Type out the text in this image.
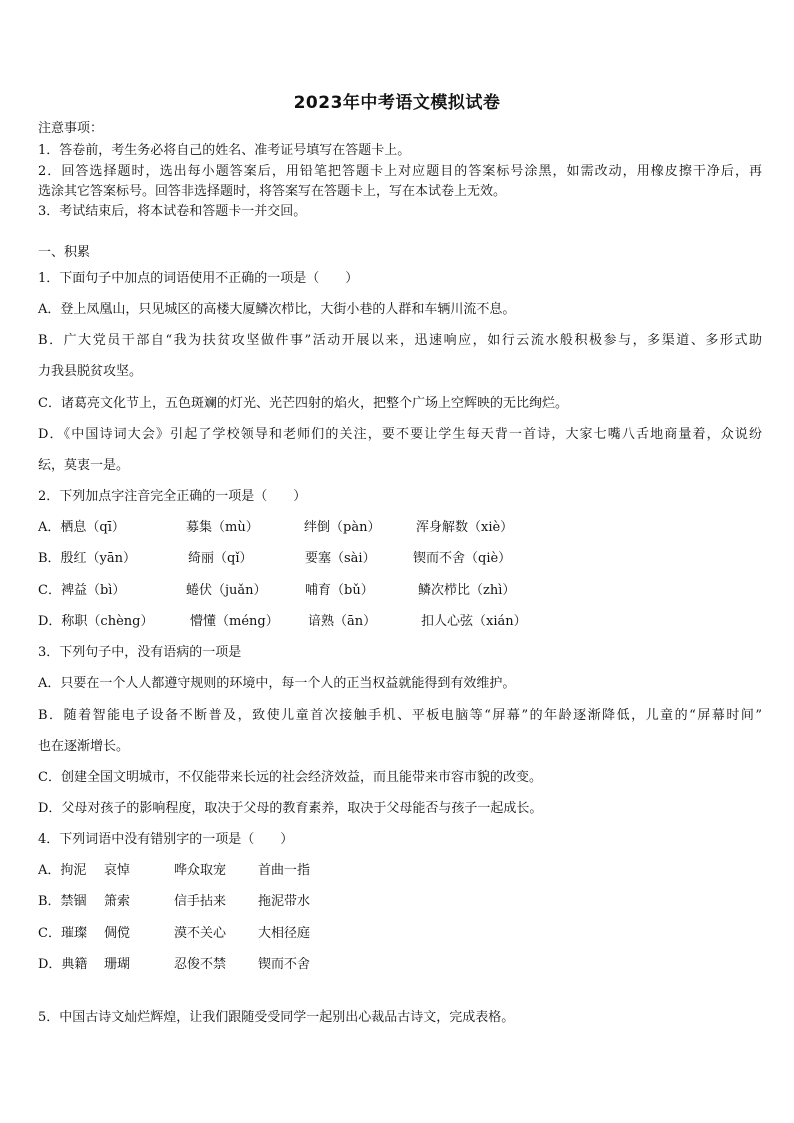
2023年中考语文模拟试卷
注意事项：
1．答卷前，考生务必将自己的姓名、准考证号填写在答题卡上。
2．回答选择题时，选出每小题答案后，用铅笔把答题卡上对应题目的答案标号涂黑，如需改动，用橡皮擦干净后，再
选涂其它答案标号。回答非选择题时，将答案写在答题卡上，写在本试卷上无效。
3．考试结束后，将本试卷和答题卡一并交回。
一、积累
1．下面句子中加点的词语使用不正确的一项是（　　）
A．登上凤凰山，只见城区的高楼大厦鳞次栉比，大街小巷的人群和车辆川流不息。
B．广大党员干部自“我为扶贫攻坚做件事”活动开展以来，迅速响应，如行云流水般积极参与，多渠道、多形式助
力我县脱贫攻坚。
C．诸葛亮文化节上，五色斑斓的灯光、光芒四射的焰火，把整个广场上空辉映的无比绚烂。
D．《中国诗词大会》引起了学校领导和老师们的关注，要不要让学生每天背一首诗，大家七嘴八舌地商量着，众说纷
纭，莫衷一是。
2．下列加点字注音完全正确的一项是（　　）
A．栖息（qī）	募集（mù）	绊倒（pàn）	浑身解数（xiè）
B．殷红（yān）	绮丽（qǐ）	要塞（sài）	锲而不舍（qiè）
C．裨益（bì）	蜷伏（juǎn）	哺育（bǔ）	鳞次栉比（zhì）
D．称职（chèng）	懵懂（méng） 谙熟（ān）	扣人心弦（xián）
3．下列句子中，没有语病的一项是
A．只要在一个人人都遵守规则的环境中，每一个人的正当权益就能得到有效维护。
B．随着智能电子设备不断普及，致使儿童首次接触手机、平板电脑等“屏幕”的年龄逐渐降低，儿童的“屏幕时间”
也在逐渐增长。
C．创建全国文明城市，不仅能带来长远的社会经济效益，而且能带来市容市貌的改变。
D．父母对孩子的影响程度，取决于父母的教育素养，取决于父母能否与孩子一起成长。
4．下列词语中没有错别字的一项是（　　）
A．拘泥 哀悼	哗众取宠 首曲一指
B．禁锢 箫索	信手拈来 拖泥带水
C．璀璨 倜傥	漠不关心 大相径庭
D．典籍 珊瑚	忍俊不禁 锲而不舍
5．中国古诗文灿烂辉煌，让我们跟随受受同学一起别出心裁品古诗文，完成表格。
